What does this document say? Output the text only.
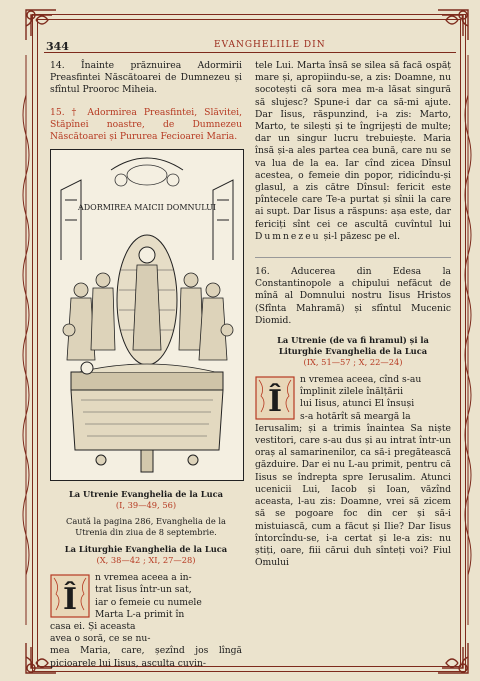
344	EVANGHELIILE DIN

14. Înainte prăznuirea Adormirii Preasfintei Născătoarei de Dumnezeu și sfîntul Prooroc Miheia.

15. † Adormirea Preasfintei, Slăvitei, Stăpînei noastre, de Dumnezeu Născătoarei și Pururea Fecioarei Maria.

ADORMIREA MAICII DOMNULUI

La Utrenie Evanghelia de la Luca

(I, 39—49, 56)

Caută la pagina 286, Evanghelia de la Utrenia din ziua de 8 septembrie.

La Liturghie Evanghelia de la Luca

(X, 38—42 ; XI, 27—28)

Î
n vremea aceea a in-
trat Iisus într-un sat,
iar o femeie cu numele
Marta L-a primit în
casa ei. Și aceasta
avea o soră, ce se nu-

mea Maria, care, șezînd jos lîngă picioarele lui Iisus, asculta cuvin-

tele Lui. Marta însă se silea să facă ospăț mare și, apropiindu-se, a zis: Doamne, nu socotești că sora mea m-a lăsat singură să slujesc? Spune-i dar ca să-mi ajute. Dar Iisus, răspunzind, i-a zis: Marto, Marto, te silești și te îngrijești de multe; dar un singur lucru trebuiește. Maria însă și-a ales partea cea bună, care nu se va lua de la ea. Iar cînd zicea Dînsul acestea, o femeie din popor, ridicîndu-și glasul, a zis către Dînsul: fericit este pîntecele care Te-a purtat și sînii la care ai supt. Dar Iisus a răspuns: așa este, dar fericiți sînt cei ce ascultă cuvîntul lui Dumnezeu și-l păzesc pe el.

16. Aducerea din Edesa la Constantinopole a chipului nefăcut de mînă al Domnului nostru Iisus Hristos (Sfînta Mahramă) și sfîntul Mucenic Diomid.

La Utrenie (de va fi hramul) și la Liturghie Evanghelia de la Luca

(IX, 51—57 ; X, 22—24)

Î
n vremea aceea, cînd s-au
împlinit zilele înălțării
lui Iisus, atunci El însuși
s-a hotărît să meargă la

Ierusalim; și a trimis înaintea Sa niște vestitori, care s-au dus și au intrat într-un oraș al samarinenilor, ca să-i pregătească găzduire. Dar ei nu L-au primit, pentru că Iisus se îndrepta spre Ierusalim. Atunci ucenicii Lui, Iacob și Ioan, văzînd aceasta, l-au zis: Doamne, vrei să zicem să se pogoare foc din cer și să-i mistuiască, cum a făcut și Ilie? Dar Iisus întorcîndu-se, i-a certat și le-a zis: nu știți, oare, fiii cărui duh sînteți voi? Fiul Omului
